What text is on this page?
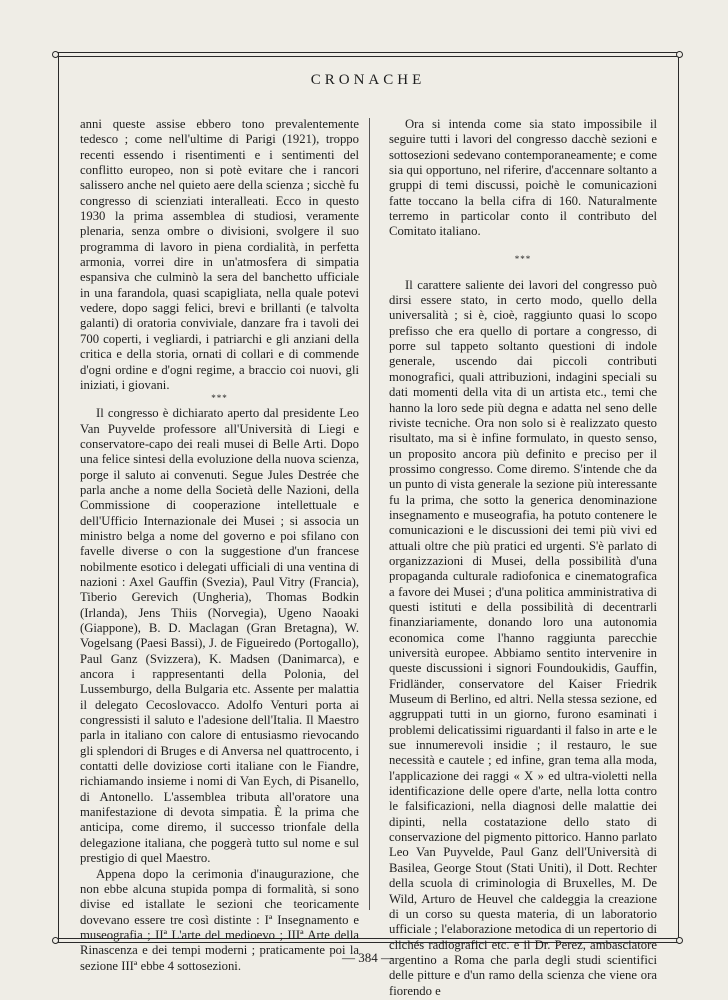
CRONACHE

anni queste assise ebbero tono prevalentemente tedesco ; come nell'ultime di Parigi (1921), troppo recenti essendo i risentimenti e i sentimenti del conflitto europeo, non si potè evitare che i rancori salissero anche nel quieto aere della scienza ; sicchè fu congresso di scienziati interalleati. Ecco in questo 1930 la prima assemblea di studiosi, veramente plenaria, senza ombre o divisioni, svolgere il suo programma di lavoro in piena cordialità, in perfetta armonia, vorrei dire in un'atmosfera di simpatia espansiva che culminò la sera del banchetto ufficiale in una farandola, quasi scapigliata, nella quale potevi vedere, dopo saggi felici, brevi e brillanti (e talvolta galanti) di oratoria conviviale, danzare fra i tavoli dei 700 coperti, i vegliardi, i patriarchi e gli anziani della critica e della storia, ornati di collari e di commende d'ogni ordine e d'ogni regime, a braccio coi nuovi, gli iniziati, i giovani.

***

Il congresso è dichiarato aperto dal presidente Leo Van Puyvelde professore all'Università di Liegi e conservatore-capo dei reali musei di Belle Arti. Dopo una felice sintesi della evoluzione della nuova scienza, porge il saluto ai convenuti. Segue Jules Destrée che parla anche a nome della Società delle Nazioni, della Commissione di cooperazione intellettuale e dell'Ufficio Internazionale dei Musei ; si associa un ministro belga a nome del governo e poi sfilano con favelle diverse o con la suggestione d'un francese nobilmente esotico i delegati ufficiali di una ventina di nazioni : Axel Gauffin (Svezia), Paul Vitry (Francia), Tiberio Gerevich (Ungheria), Thomas Bodkin (Irlanda), Jens Thiis (Norvegia), Ugeno Naoaki (Giappone), B. D. Maclagan (Gran Bretagna), W. Vogelsang (Paesi Bassi), J. de Figueiredo (Portogallo), Paul Ganz (Svizzera), K. Madsen (Danimarca), e ancora i rappresentanti della Polonia, del Lussemburgo, della Bulgaria etc. Assente per malattia il delegato Cecoslovacco. Adolfo Venturi porta ai congressisti il saluto e l'adesione dell'Italia. Il Maestro parla in italiano con calore di entusiasmo rievocando gli splendori di Bruges e di Anversa nel quattrocento, i contatti delle doviziose corti italiane con le Fiandre, richiamando insieme i nomi di Van Eych, di Pisanello, di Antonello. L'assemblea tributa all'oratore una manifestazione di devota simpatia. È la prima che anticipa, come diremo, il successo trionfale della delegazione italiana, che poggerà tutto sul nome e sul prestigio di quel Maestro.

Appena dopo la cerimonia d'inaugurazione, che non ebbe alcuna stupida pompa di formalità, si sono divise ed istallate le sezioni che teoricamente dovevano essere tre così distinte : Iª Insegnamento e museografia ; IIª L'arte del medioevo ; IIIª Arte della Rinascenza e dei tempi moderni ; praticamente poi la sezione IIIª ebbe 4 sottosezioni.

Ora si intenda come sia stato impossibile il seguire tutti i lavori del congresso dacchè sezioni e sottosezioni sedevano contemporaneamente; e come sia qui opportuno, nel riferire, d'accennare soltanto a gruppi di temi discussi, poichè le comunicazioni fatte toccano la bella cifra di 160. Naturalmente terremo in particolar conto il contributo del Comitato italiano.

***

Il carattere saliente dei lavori del congresso può dirsi essere stato, in certo modo, quello della universalità ; si è, cioè, raggiunto quasi lo scopo prefisso che era quello di portare a congresso, di porre sul tappeto soltanto questioni di indole generale, uscendo dai piccoli contributi monografici, quali attribuzioni, indagini speciali su dati momenti della vita di un artista etc., temi che hanno la loro sede più degna e adatta nel seno delle riviste tecniche. Ora non solo si è realizzato questo risultato, ma si è infine formulato, in questo senso, un proposito ancora più definito e preciso per il prossimo congresso. Come diremo. S'intende che da un punto di vista generale la sezione più interessante fu la prima, che sotto la generica denominazione insegnamento e museografia, ha potuto contenere le comunicazioni e le discussioni dei temi più vivi ed attuali oltre che più pratici ed urgenti. S'è parlato di organizzazioni di Musei, della possibilità d'una propaganda culturale radiofonica e cinematografica a favore dei Musei ; d'una politica amministrativa di questi istituti e della possibilità di decentrarli finanziariamente, donando loro una autonomia economica come l'hanno raggiunta parecchie università europee. Abbiamo sentito intervenire in queste discussioni i signori Foundoukidis, Gauffin, Fridländer, conservatore del Kaiser Friedrik Museum di Berlino, ed altri. Nella stessa sezione, ed aggruppati tutti in un giorno, furono esaminati i problemi delicatissimi riguardanti il falso in arte e le sue innumerevoli insidie ; il restauro, le sue necessità e cautele ; ed infine, gran tema alla moda, l'applicazione dei raggi « X » ed ultra-violetti nella identificazione delle opere d'arte, nella lotta contro le falsificazioni, nella diagnosi delle malattie dei dipinti, nella costatazione dello stato di conservazione del pigmento pittorico. Hanno parlato Leo Van Puyvelde, Paul Ganz dell'Università di Basilea, George Stout (Stati Uniti), il Dott. Rechter della scuola di criminologia di Bruxelles, M. De Wild, Arturo de Heuvel che caldeggia la creazione di un corso su questa materia, di un laboratorio ufficiale ; l'elaborazione metodica di un repertorio di clichés radiografici etc. e il Dr. Perez, ambasciatore argentino a Roma che parla degli studi scientifici delle pitture e d'un ramo della scienza che viene ora fiorendo e

— 384 —
